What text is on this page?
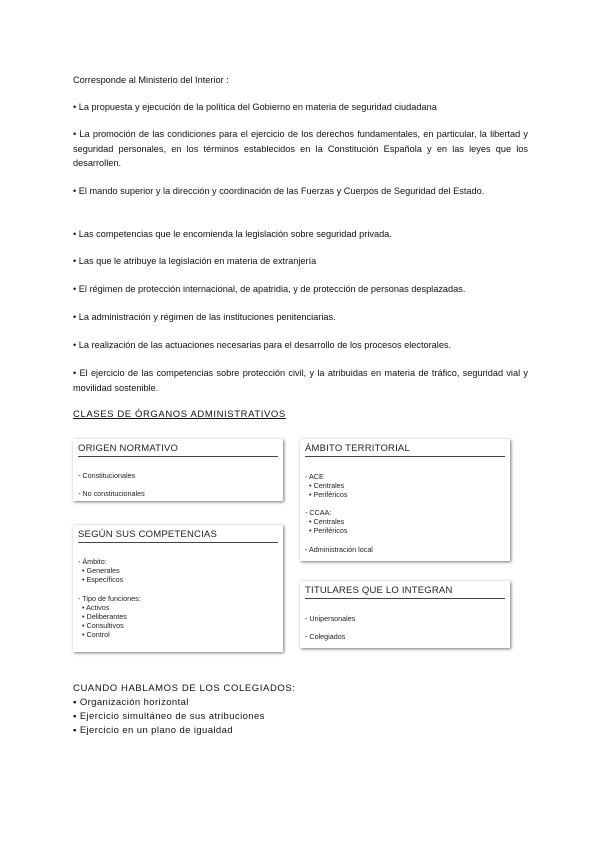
Corresponde al Ministerio del Interior :
• La propuesta y ejecución de la política del Gobierno en materia de seguridad ciudadana
• La promoción de las condiciones para el ejercicio de los derechos fundamentales, en particular, la libertad y seguridad personales, en los términos establecidos en la Constitución Española y en las leyes que los desarrollen.
• El mando superior y la dirección y coordinación de las Fuerzas y Cuerpos de Seguridad del Estado.
• Las competencias que le encomienda la legislación sobre seguridad privada.
• Las que le atribuye la legislación en materia de extranjería
• El régimen de protección internacional, de apatridia, y de protección de personas desplazadas.
• La administración y régimen de las instituciones penitenciarias.
• La realización de las actuaciones necesarias para el desarrollo de los procesos electorales.
• El ejercicio de las competencias sobre protección civil, y la atribuidas en materia de tráfico, seguridad vial y movilidad sostenible.
CLASES DE ÓRGANOS ADMINISTRATIVOS
ORIGEN NORMATIVO
- Constitucionales
- No constitucionales
ÁMBITO TERRITORIAL
- ACE
• Centrales
• Periféricos
- CCAA:
• Centrales
• Periféricos
- Administración local
SEGÚN SUS COMPETENCIAS
- Ámbito:
• Generales
• Específicos
- Tipo de funciones:
• Activos
• Deliberantes
• Consultivos
• Control
TITULARES QUE LO INTEGRAN
- Unipersonales
- Colegiados
CUANDO HABLAMOS DE LOS COLEGIADOS:
▪ Organización horizontal
▪ Ejercicio simultáneo de sus atribuciones
▪ Ejercicio en un plano de igualdad
